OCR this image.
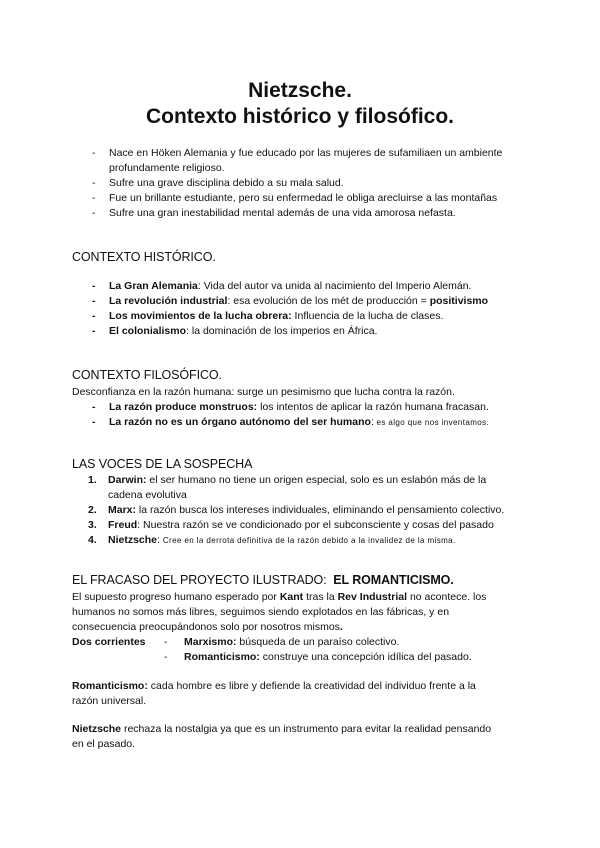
Nietzsche.
Contexto histórico y filosófico.
-	Nace en Höken Alemania y fue educado por las mujeres de sufamiliaen un ambiente
profundamente religioso.
-	Sufre una grave disciplina debido a su mala salud.
-	Fue un brillante estudiante, pero su enfermedad le obliga arecluirse a las montañas
-	Sufre una gran inestabilidad mental además de una vida amorosa nefasta.
CONTEXTO HISTÓRICO.
-	La Gran Alemania: Vida del autor va unida al nacimiento del Imperio Alemán.
-	La revolución industrial: esa evolución de los mét de producción = positivismo
-	Los movimientos de la lucha obrera: Influencia de la lucha de clases.
-	El colonialismo: la dominación de los imperios en África.
CONTEXTO FILOSÓFICO.
Desconfianza en la razón humana: surge un pesimismo que lucha contra la razón.
-	La razón produce monstruos: los intentos de aplicar la razón humana fracasan.
-	La razón no es un órgano autónomo del ser humano: es algo que nos inventamos.
LAS VOCES DE LA SOSPECHA
1.	Darwin: el ser humano no tiene un origen especial, solo es un eslabón más de la
cadena evolutiva
2.	Marx: la razón busca los intereses individuales, eliminando el pensamiento colectivo.
3.	Freud: Nuestra razón se ve condicionado por el subconsciente y cosas del pasado
4.	Nietzsche: Cree en la derrota definitiva de la razón debido a la invalidez de la misma.
EL FRACASO DEL PROYECTO ILUSTRADO: EL ROMANTICISMO.
El supuesto progreso humano esperado por Kant tras la Rev Industrial no acontece. los
humanos no somos más libres, seguimos siendo explotados en las fábricas, y en
consecuencia preocupándonos solo por nosotros mismos.
Dos corrientes -	Marxismo: búsqueda de un paraíso colectivo.
-	Romanticismo: construye una concepción idílica del pasado.
Romanticismo: cada hombre es libre y defiende la creatividad del individuo frente a la
razón universal.
Nietzsche rechaza la nostalgia ya que es un instrumento para evitar la realidad pensando
en el pasado.
